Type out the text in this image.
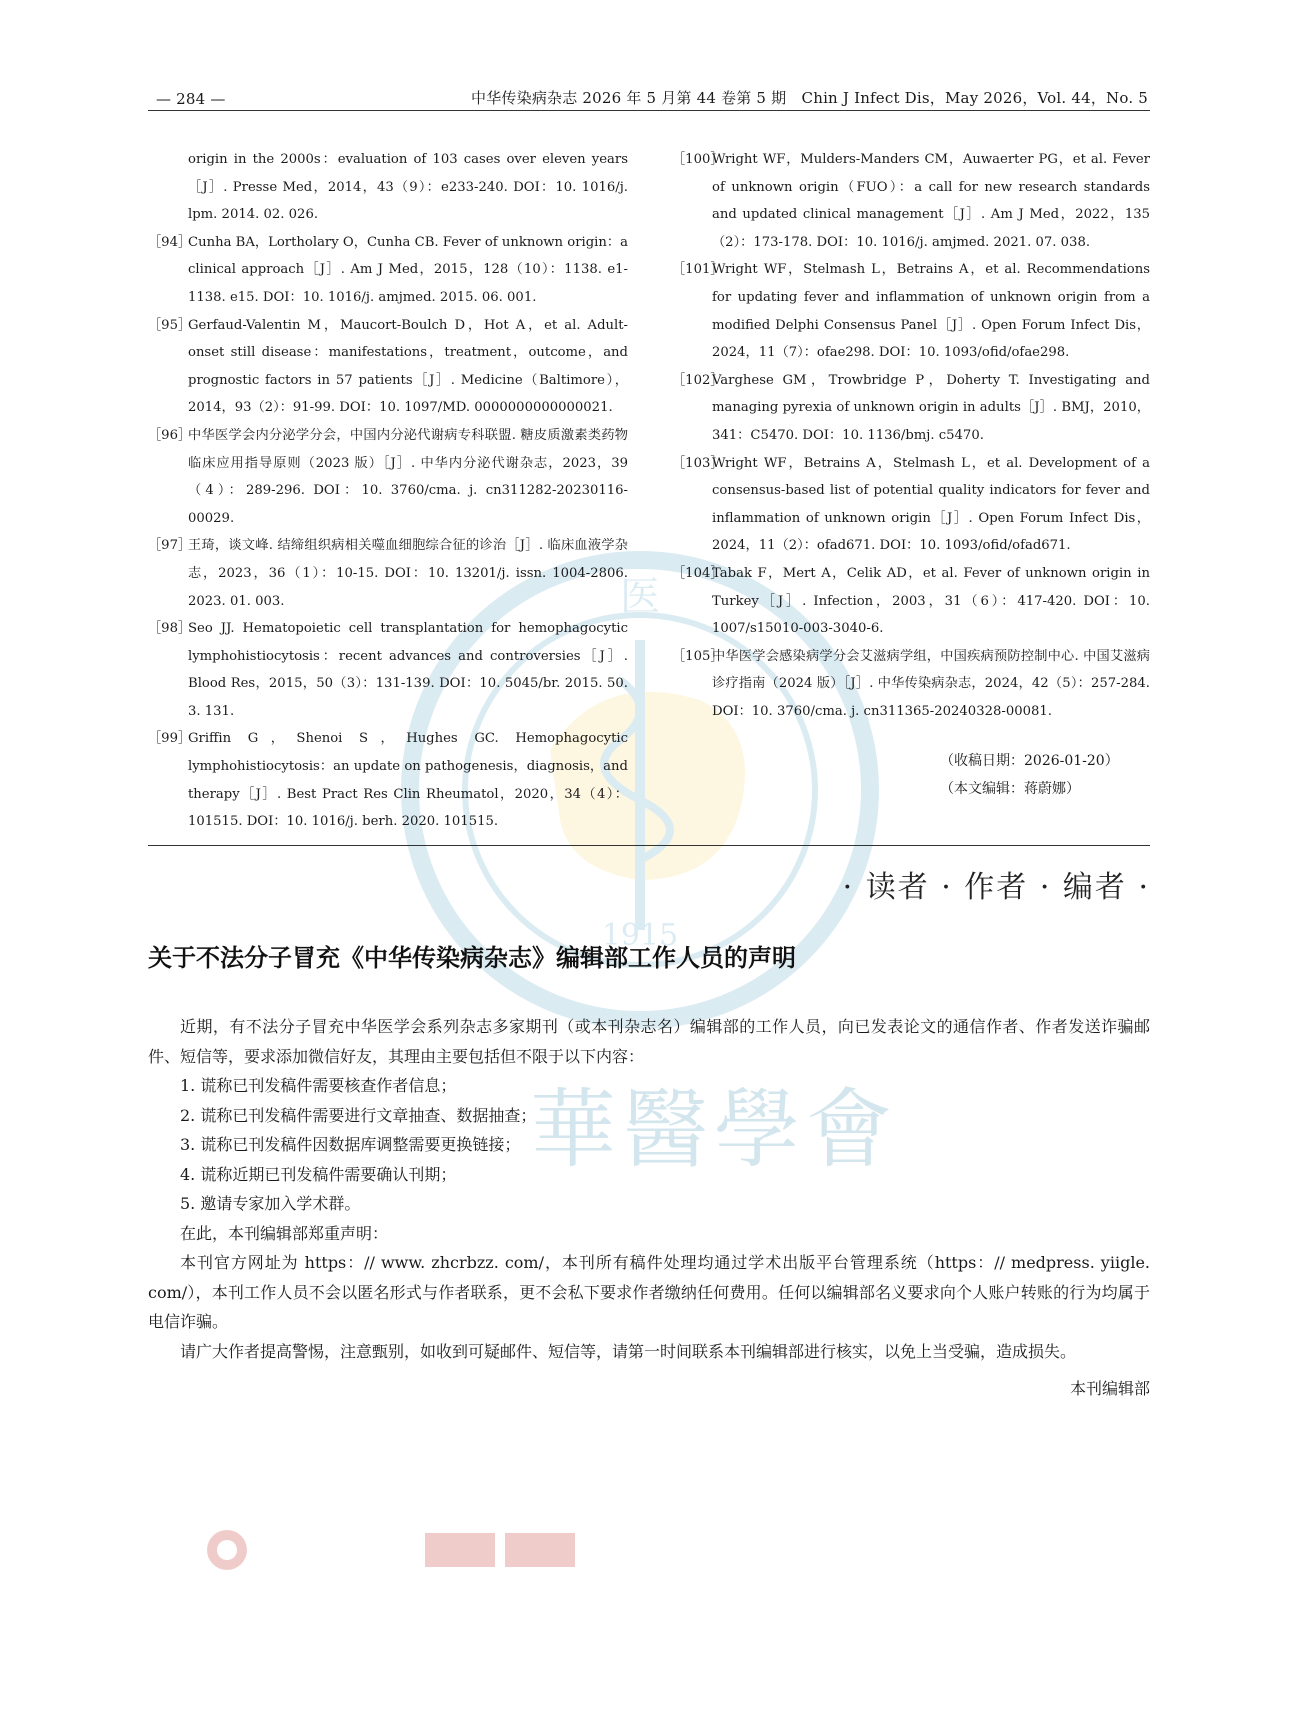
医
1915
華醫學會
— 284 —	中华传染病杂志 2026 年 5 月第 44 卷第 5 期　Chin J Infect Dis，May 2026，Vol. 44，No. 5
origin in the 2000s：evaluation of 103 cases over eleven years［J］. Presse Med，2014，43（9）：e233-240. DOI：10. 1016/j. lpm. 2014. 02. 026.
［94］
Cunha BA，Lortholary O，Cunha CB. Fever of unknown origin：a clinical approach［J］. Am J Med，2015，128（10）：1138. e1-1138. e15. DOI：10. 1016/j. amjmed. 2015. 06. 001.
［95］
Gerfaud-Valentin M，Maucort-Boulch D，Hot A，et al. Adult-onset still disease：manifestations，treatment，outcome，and prognostic factors in 57 patients［J］. Medicine（Baltimore），2014，93（2）：91-99. DOI：10. 1097/MD. 0000000000000021.
［96］
中华医学会内分泌学分会，中国内分泌代谢病专科联盟. 糖皮质激素类药物临床应用指导原则（2023 版）［J］. 中华内分泌代谢杂志，2023，39（4）：289-296. DOI：10. 3760/cma. j. cn311282-20230116-00029.
［97］
王琦，谈文峰. 结缔组织病相关噬血细胞综合征的诊治［J］. 临床血液学杂志，2023，36（1）：10-15. DOI：10. 13201/j. issn. 1004-2806. 2023. 01. 003.
［98］
Seo JJ. Hematopoietic cell transplantation for hemophagocytic lymphohistiocytosis：recent advances and controversies［J］. Blood Res，2015，50（3）：131-139. DOI：10. 5045/br. 2015. 50. 3. 131.
［99］
Griffin G，Shenoi S，Hughes GC. Hemophagocytic lymphohistiocytosis：an update on pathogenesis，diagnosis，and therapy［J］. Best Pract Res Clin Rheumatol，2020，34（4）：101515. DOI：10. 1016/j. berh. 2020. 101515.
［100］
Wright WF，Mulders-Manders CM，Auwaerter PG，et al. Fever of unknown origin（FUO）：a call for new research standards and updated clinical management［J］. Am J Med，2022，135（2）：173-178. DOI：10. 1016/j. amjmed. 2021. 07. 038.
［101］
Wright WF，Stelmash L，Betrains A，et al. Recommendations for updating fever and inflammation of unknown origin from a modified Delphi Consensus Panel［J］. Open Forum Infect Dis，2024，11（7）：ofae298. DOI：10. 1093/ofid/ofae298.
［102］
Varghese GM，Trowbridge P，Doherty T. Investigating and managing pyrexia of unknown origin in adults［J］. BMJ，2010，341：C5470. DOI：10. 1136/bmj. c5470.
［103］
Wright WF，Betrains A，Stelmash L，et al. Development of a consensus-based list of potential quality indicators for fever and inflammation of unknown origin［J］. Open Forum Infect Dis，2024，11（2）：ofad671. DOI：10. 1093/ofid/ofad671.
［104］
Tabak F，Mert A，Celik AD，et al. Fever of unknown origin in Turkey［J］. Infection，2003，31（6）：417-420. DOI：10. 1007/s15010-003-3040-6.
［105］
中华医学会感染病学分会艾滋病学组，中国疾病预防控制中心. 中国艾滋病诊疗指南（2024 版）［J］. 中华传染病杂志，2024，42（5）：257-284. DOI：10. 3760/cma. j. cn311365-20240328-00081.
（收稿日期：2026-01-20）
（本文编辑：蒋蔚娜）
· 读者 · 作者 · 编者 ·
关于不法分子冒充《中华传染病杂志》编辑部工作人员的声明
近期，有不法分子冒充中华医学会系列杂志多家期刊（或本刊杂志名）编辑部的工作人员，向已发表论文的通信作者、作者发送诈骗邮件、短信等，要求添加微信好友，其理由主要包括但不限于以下内容：
1. 谎称已刊发稿件需要核查作者信息；
2. 谎称已刊发稿件需要进行文章抽查、数据抽查；
3. 谎称已刊发稿件因数据库调整需要更换链接；
4. 谎称近期已刊发稿件需要确认刊期；
5. 邀请专家加入学术群。
在此，本刊编辑部郑重声明：
本刊官方网址为 https：// www. zhcrbzz. com/，本刊所有稿件处理均通过学术出版平台管理系统（https：// medpress. yiigle. com/），本刊工作人员不会以匿名形式与作者联系，更不会私下要求作者缴纳任何费用。任何以编辑部名义要求向个人账户转账的行为均属于电信诈骗。
请广大作者提高警惕，注意甄别，如收到可疑邮件、短信等，请第一时间联系本刊编辑部进行核实，以免上当受骗，造成损失。
本刊编辑部
